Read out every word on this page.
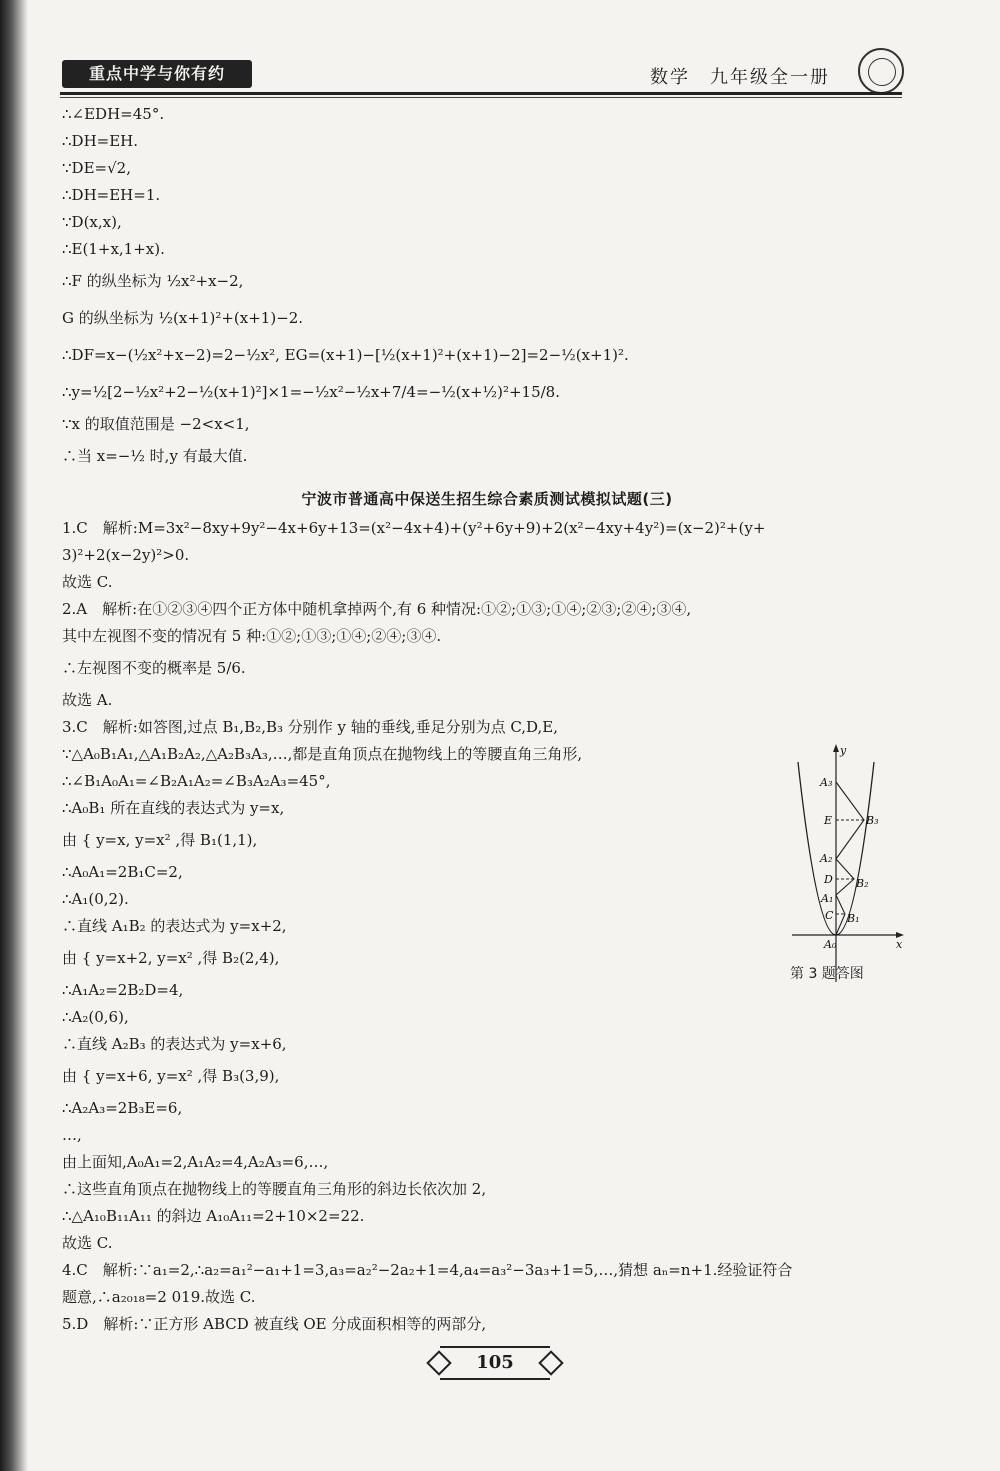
重点中学与你有约	数学　九年级全一册
∴∠EDH=45°.
∴DH=EH.
∵DE=√2,
∴DH=EH=1.
∵D(x,x),
∴E(1+x,1+x).
∴F 的纵坐标为 ½x²+x−2,
G 的纵坐标为 ½(x+1)²+(x+1)−2.
∴DF=x−(½x²+x−2)=2−½x², EG=(x+1)−[½(x+1)²+(x+1)−2]=2−½(x+1)².
∴y=½[2−½x²+2−½(x+1)²]×1=−½x²−½x+7/4=−½(x+½)²+15/8.
∵x 的取值范围是 −2<x<1,
∴当 x=−½ 时,y 有最大值.
宁波市普通高中保送生招生综合素质测试模拟试题(三)
1.C　解析:M=3x²−8xy+9y²−4x+6y+13=(x²−4x+4)+(y²+6y+9)+2(x²−4xy+4y²)=(x−2)²+(y+
3)²+2(x−2y)²>0.
故选 C.
2.A　解析:在①②③④四个正方体中随机拿掉两个,有 6 种情况:①②;①③;①④;②③;②④;③④,
其中左视图不变的情况有 5 种:①②;①③;①④;②④;③④.
∴左视图不变的概率是 5/6.
故选 A.
3.C　解析:如答图,过点 B₁,B₂,B₃ 分别作 y 轴的垂线,垂足分别为点 C,D,E,
∵△A₀B₁A₁,△A₁B₂A₂,△A₂B₃A₃,…,都是直角顶点在抛物线上的等腰直角三角形,
∴∠B₁A₀A₁=∠B₂A₁A₂=∠B₃A₂A₃=45°,
∴A₀B₁ 所在直线的表达式为 y=x,
由 { y=x, y=x² ,得 B₁(1,1),
∴A₀A₁=2B₁C=2,
∴A₁(0,2).
∴直线 A₁B₂ 的表达式为 y=x+2,
由 { y=x+2, y=x² ,得 B₂(2,4),
∴A₁A₂=2B₂D=4,
∴A₂(0,6),
∴直线 A₂B₃ 的表达式为 y=x+6,
由 { y=x+6, y=x² ,得 B₃(3,9),
∴A₂A₃=2B₃E=6,
…,
由上面知,A₀A₁=2,A₁A₂=4,A₂A₃=6,…,
∴这些直角顶点在抛物线上的等腰直角三角形的斜边长依次加 2,
∴△A₁₀B₁₁A₁₁ 的斜边 A₁₀A₁₁=2+10×2=22.
故选 C.
4.C　解析:∵a₁=2,∴a₂=a₁²−a₁+1=3,a₃=a₂²−2a₂+1=4,a₄=a₃²−3a₃+1=5,…,猜想 aₙ=n+1.经验证符合
题意,∴a₂₀₁₈=2 019.故选 C.
5.D　解析:∵正方形 ABCD 被直线 OE 分成面积相等的两部分,
y
x
A₃
E	B₃
A₂
D B₂
A₁
C B₁
A₀
第 3 题答图
105
